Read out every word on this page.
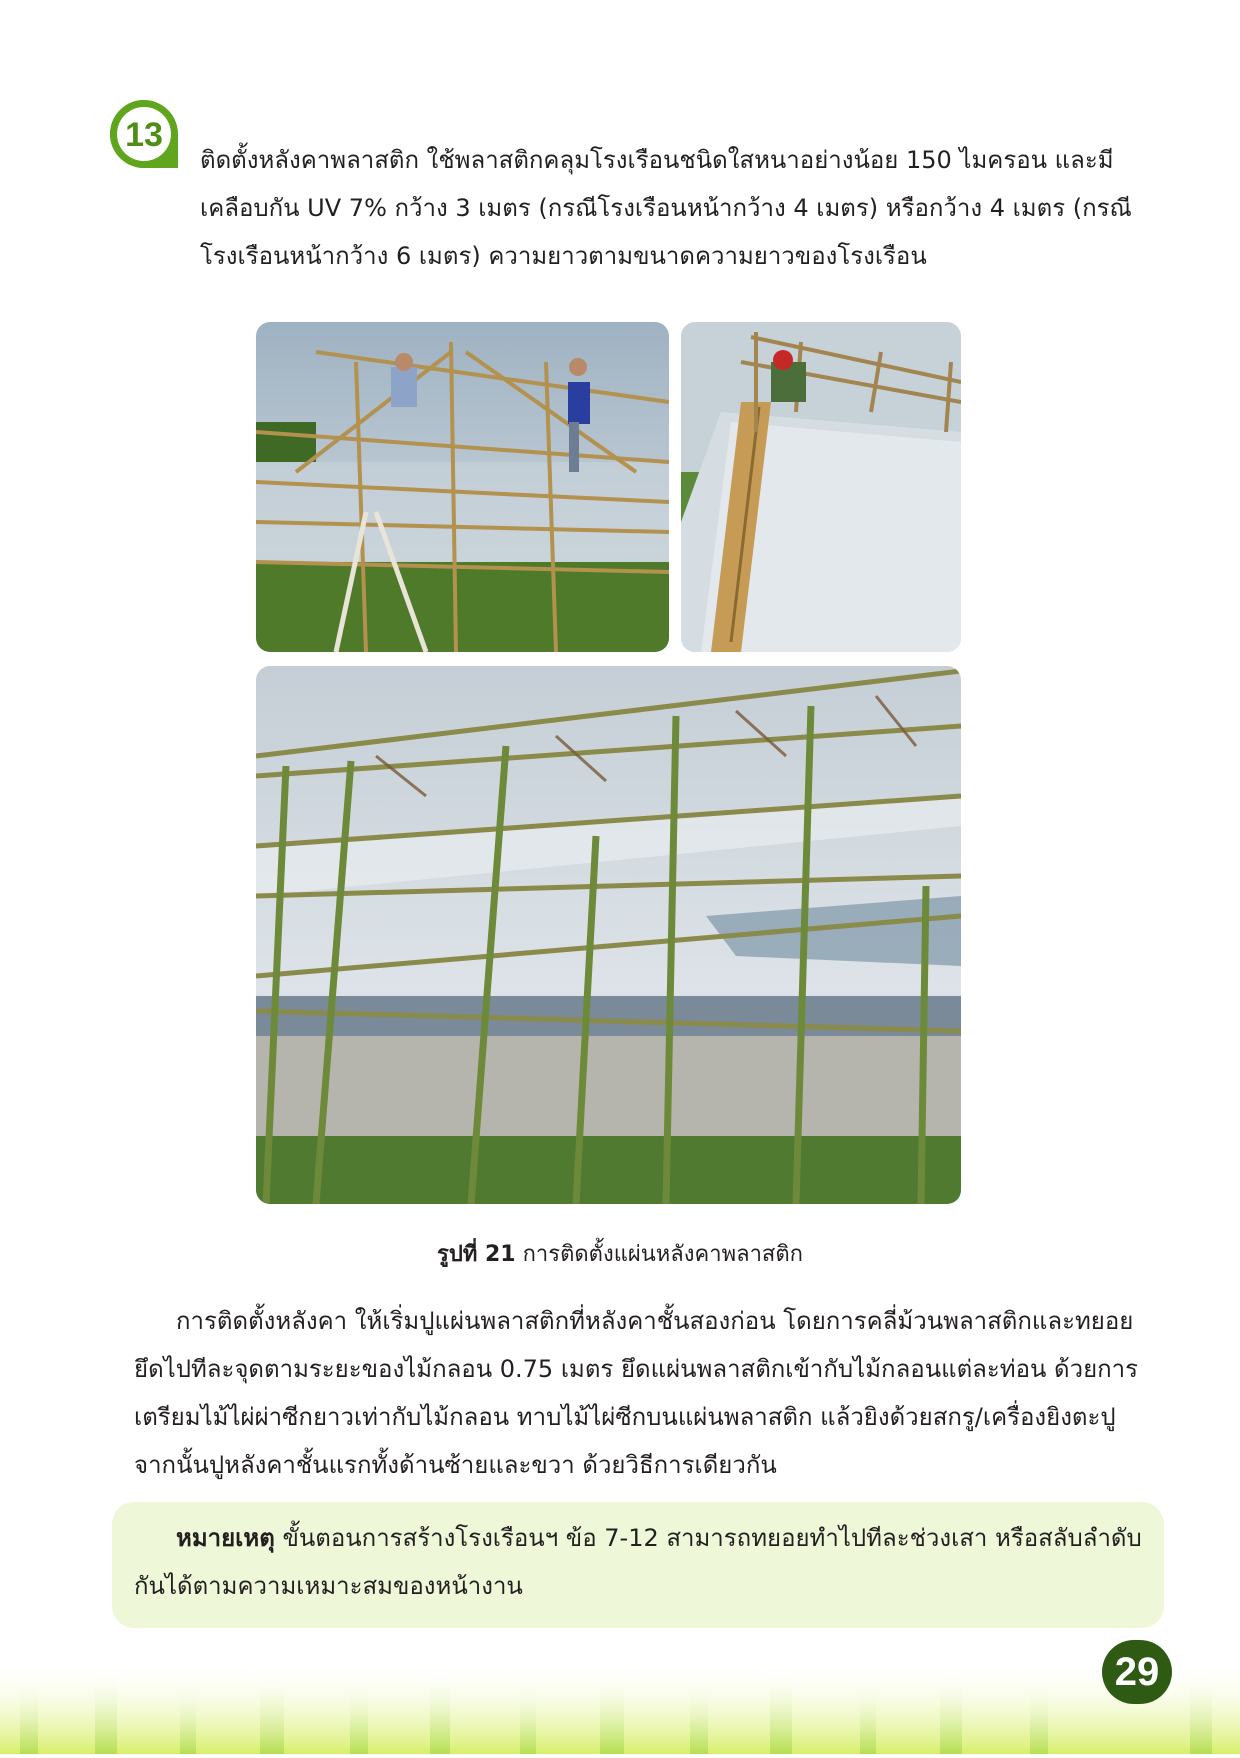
13

ติดตั้งหลังคาพลาสติก ใช้พลาสติกคลุมโรงเรือนชนิดใสหนาอย่างน้อย 150 ไมครอน และมี

เคลือบกัน UV 7% กว้าง 3 เมตร (กรณีโรงเรือนหน้ากว้าง 4 เมตร) หรือกว้าง 4 เมตร (กรณี

โรงเรือนหน้ากว้าง 6 เมตร) ความยาวตามขนาดความยาวของโรงเรือน

รูปที่ 21 การติดตั้งแผ่นหลังคาพลาสติก

การติดตั้งหลังคา ให้เริ่มปูแผ่นพลาสติกที่หลังคาชั้นสองก่อน โดยการคลี่ม้วนพลาสติกและทยอย

ยึดไปทีละจุดตามระยะของไม้กลอน 0.75 เมตร ยึดแผ่นพลาสติกเข้ากับไม้กลอนแต่ละท่อน ด้วยการ

เตรียมไม้ไผ่ผ่าซีกยาวเท่ากับไม้กลอน ทาบไม้ไผ่ซีกบนแผ่นพลาสติก แล้วยิงด้วยสกรู/เครื่องยิงตะปู

จากนั้นปูหลังคาชั้นแรกทั้งด้านซ้ายและขวา ด้วยวิธีการเดียวกัน

หมายเหตุ ขั้นตอนการสร้างโรงเรือนฯ ข้อ 7-12 สามารถทยอยทำไปทีละช่วงเสา หรือสลับลำดับ

กันได้ตามความเหมาะสมของหน้างาน

29
